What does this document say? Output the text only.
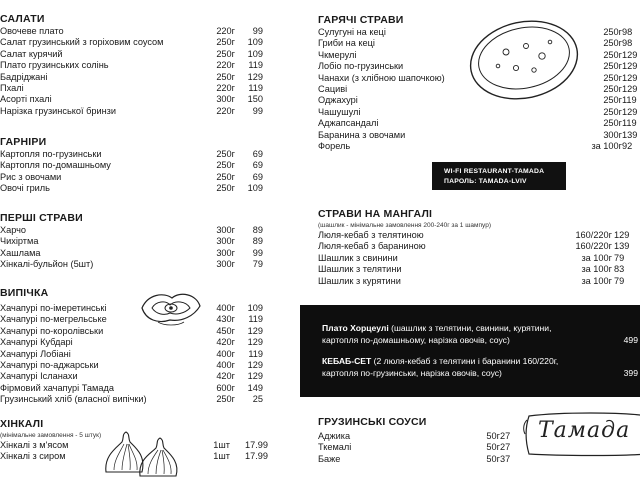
САЛАТИ
Овочеве плато	220г	99
Салат грузинський з горіховим соусом	250г	109
Салат курячий	250г	109
Плато грузинських солінь	220г	119
Бадріджані	250г	129
Пхалі	220г	119
Асорті пхалі	300г	150
Нарізка грузинської бринзи	220г	99
ГАРНІРИ
Картопля по-грузинськи	250г	69
Картопля по-домашньому	250г	69
Рис з овочами	250г	69
Овочі гриль	250г	109
ПЕРШІ СТРАВИ
Харчо	300г	89
Чихіртма	300г	89
Хашлама	300г	99
Хінкалі-бульйон (5шт)	300г	79
ВИПІЧКА
Хачапурі по-імеретинські	400г	109
Хачапурі по-мегрельське	430г	119
Хачапурі по-королівськи	450г	129
Хачапурі Кубдарі	420г	129
Хачапурі Лобіані	400г	119
Хачапурі по-аджарськи	400г	129
Хачапурі Ісланахи	420г	129
Фірмовий хачапурі Тамада	600г	149
Грузинський хліб (власної випічки)	250г	25
ХІНКАЛІ
(мінімальне замовлення - 5 штук)
Хінкалі з м'ясом	1шт	17.99
Хінкалі з сиром	1шт	17.99
ГАРЯЧІ СТРАВИ
Сулугуні на кеці	250г 98
Гриби на кеці	250г 98
Чкмерулі	250г 129
Лобіо по-грузинськи	250г 129
Чанахи (з хлібною шапочкою)	250г 129
Сацивi	250г 129
Оджахурі	250г 119
Чашушулі	250г 129
Аджапсандалі	250г 119
Баранина з овочами	300г 139
Форель	за 100г 92
СТРАВИ НА МАНГАЛІ
(шашлик - мінімальне замовлення 200-240г за 1 шампур)
Люля-кебаб з телятиною	160/220г 129
Люля-кебаб з бараниною	160/220г 139
Шашлик з свинини	за 100г 79
Шашлик з телятини	за 100г 83
Шашлик з курятини	за 100г 79
ГРУЗИНСЬКІ СОУСИ
Аджика	50г 27
Ткемалі	50г 27
Баже	50г 37
WI-FI RESTAURANT-TAMADA
ПАРОЛЬ: TAMADA-LVIV
Плато Хорцеулі (шашлик з телятини, свинини, курятини,
картопля по-домашньому, нарізка овочів, соус)	499
КЕБАБ-СЕТ (2 люля-кебаб з телятини і баранини 160/220г,
картопля по-грузинськи, нарізка овочів, соус)	399
Тамада
